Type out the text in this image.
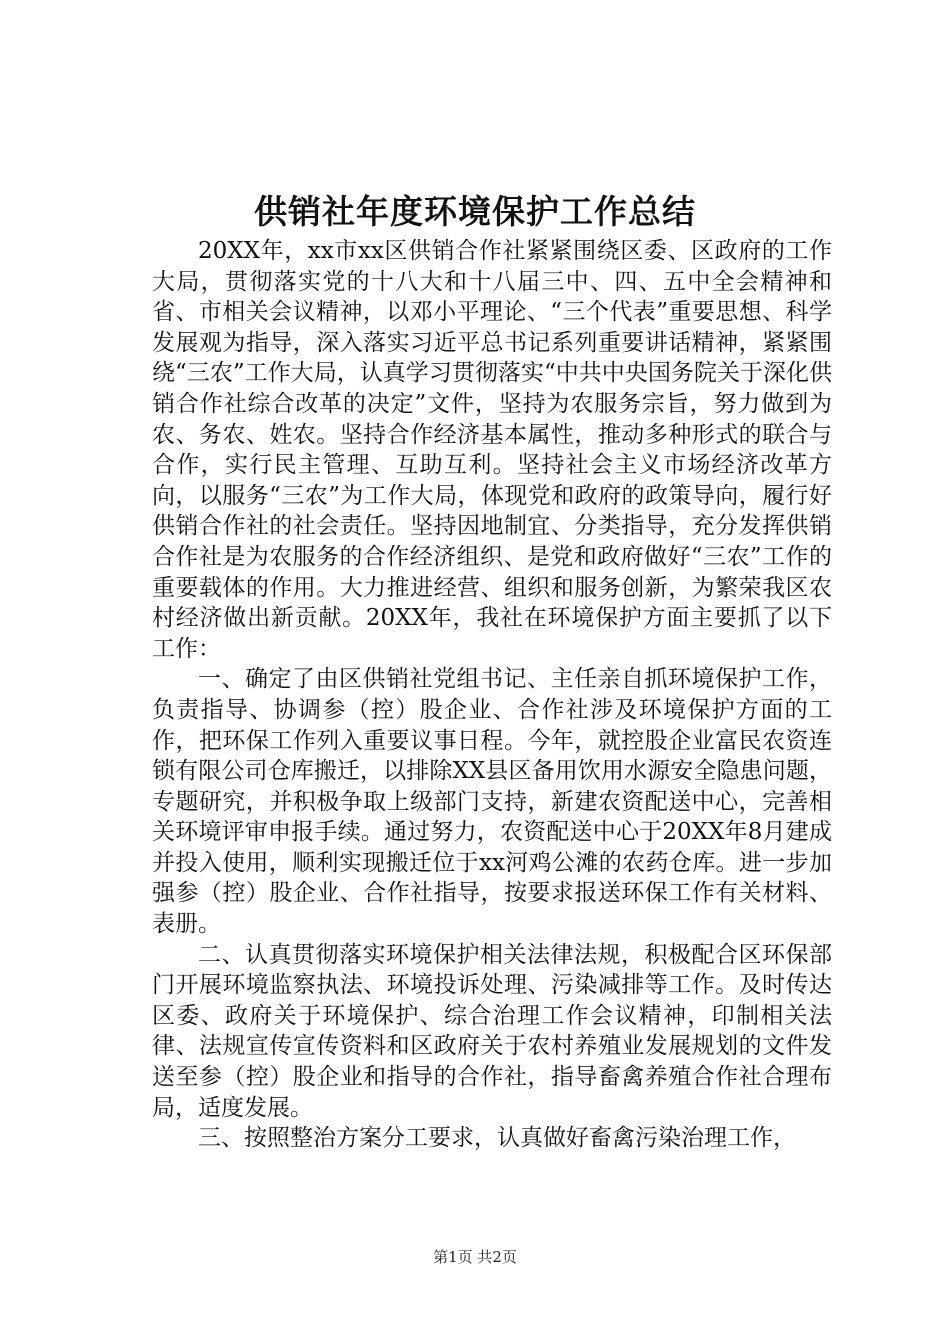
供销社年度环境保护工作总结

20XX年，xx市xx区供销合作社紧紧围绕区委、区政府的工作大局，贯彻落实党的十八大和十八届三中、四、五中全会精神和省、市相关会议精神，以邓小平理论、“三个代表”重要思想、科学发展观为指导，深入落实习近平总书记系列重要讲话精神，紧紧围绕“三农”工作大局，认真学习贯彻落实“中共中央国务院关于深化供销合作社综合改革的决定”文件，坚持为农服务宗旨，努力做到为农、务农、姓农。坚持合作经济基本属性，推动多种形式的联合与合作，实行民主管理、互助互利。坚持社会主义市场经济改革方向，以服务“三农”为工作大局，体现党和政府的政策导向，履行好供销合作社的社会责任。坚持因地制宜、分类指导，充分发挥供销合作社是为农服务的合作经济组织、是党和政府做好“三农”工作的重要载体的作用。大力推进经营、组织和服务创新，为繁荣我区农村经济做出新贡献。20XX年，我社在环境保护方面主要抓了以下工作：

一、确定了由区供销社党组书记、主任亲自抓环境保护工作，负责指导、协调参（控）股企业、合作社涉及环境保护方面的工作，把环保工作列入重要议事日程。今年，就控股企业富民农资连锁有限公司仓库搬迁，以排除XX县区备用饮用水源安全隐患问题，专题研究，并积极争取上级部门支持，新建农资配送中心，完善相关环境评审申报手续。通过努力，农资配送中心于20XX年8月建成并投入使用，顺利实现搬迁位于xx河鸡公滩的农药仓库。进一步加强参（控）股企业、合作社指导，按要求报送环保工作有关材料、表册。

二、认真贯彻落实环境保护相关法律法规，积极配合区环保部门开展环境监察执法、环境投诉处理、污染减排等工作。及时传达区委、政府关于环境保护、综合治理工作会议精神，印制相关法律、法规宣传宣传资料和区政府关于农村养殖业发展规划的文件发送至参（控）股企业和指导的合作社，指导畜禽养殖合作社合理布局，适度发展。

三、按照整治方案分工要求，认真做好畜禽污染治理工作，

第1页 共2页
